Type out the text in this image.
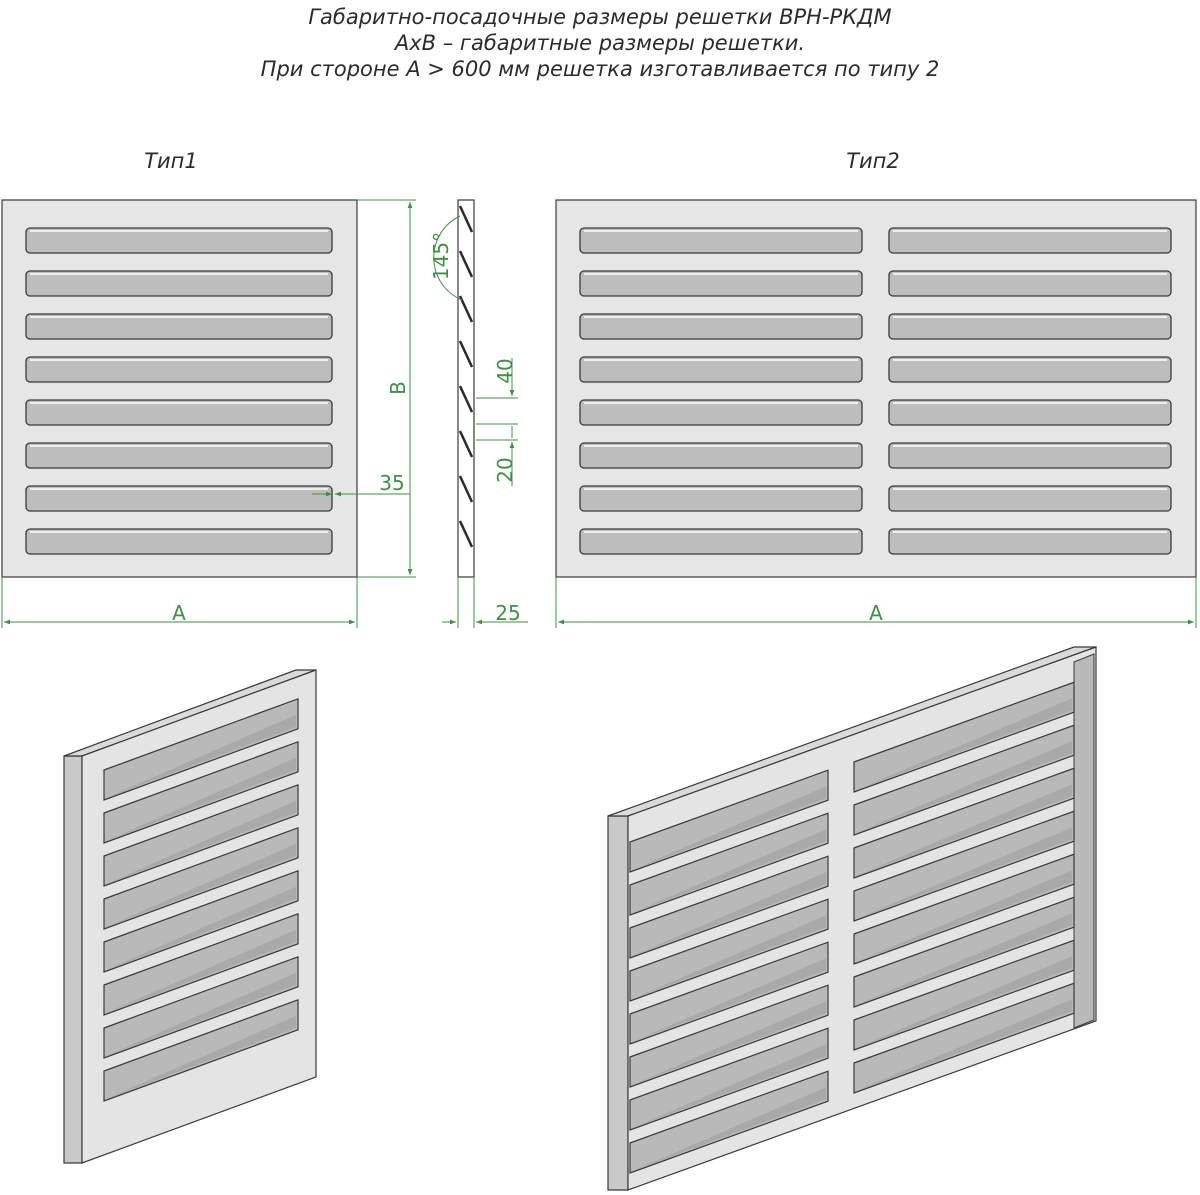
Габаритно-посадочные размеры решетки ВРН-РКДМ
АхВ – габаритные размеры решетки.
При стороне А > 600 мм решетка изготавливается по типу 2
Тип1	Тип2
A
B
35
145°
40
20
25	A
